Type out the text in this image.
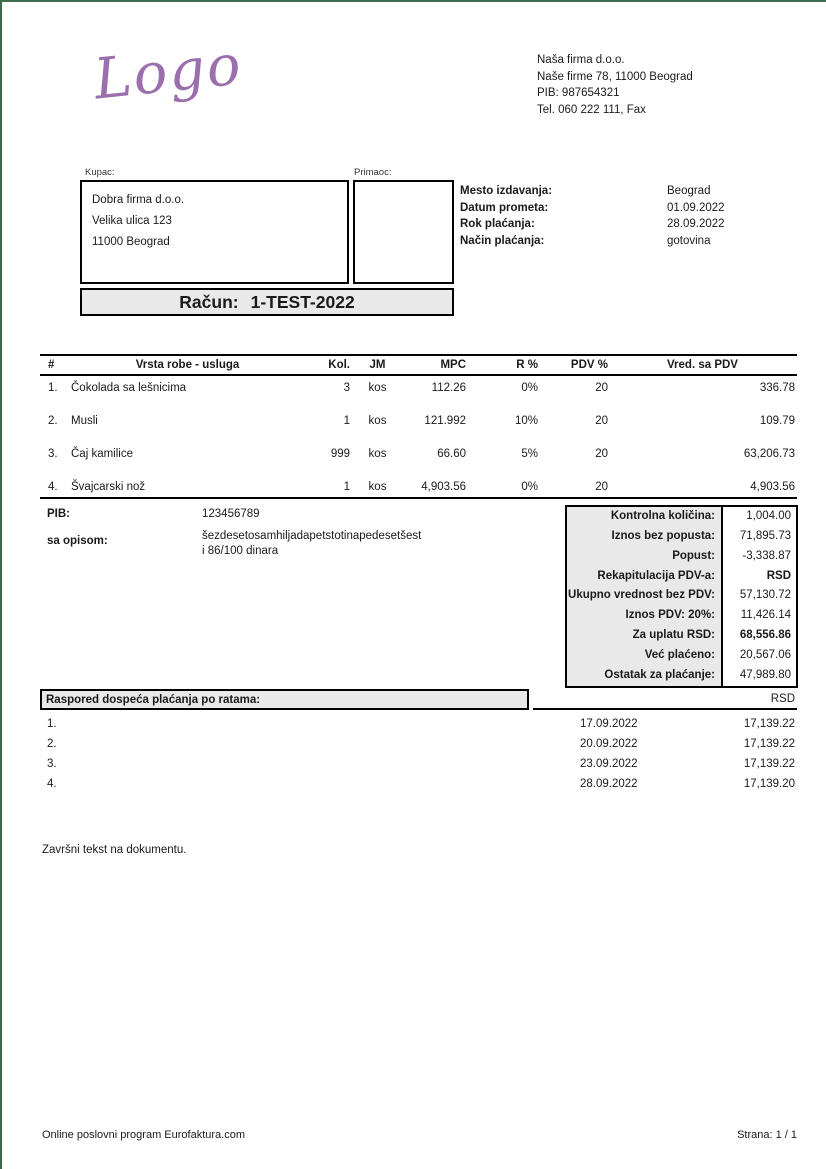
Logo	Naša firma d.o.o.
Naše firme 78, 11000 Beograd
PIB: 987654321
Tel. 060 222 111, Fax
Kupac:	Primaoc:
Dobra firma d.o.o.
Velika ulica 123
11000 Beograd
Mesto izdavanja:	Beograd
Datum prometa:	01.09.2022
Rok plaćanja:	28.09.2022
Način plaćanja:	gotovina
Račun: 1-TEST-2022
#	Vrsta robe - usluga	Kol.	JM	MPC	R %	PDV %	Vred. sa PDV
1.	Čokolada sa lešnicima	3	kos	112.26	0%	20	336.78
2.	Musli	1	kos	121.992	10%	20	109.79
3.	Čaj kamilice	999	kos	66.60	5%	20	63,206.73
4.	Švajcarski nož	1	kos	4,903.56	0%	20	4,903.56
PIB:	123456789
sa opisom:	šezdesetosamhiljadapetstotinapedesetšest
i 86/100 dinara
Kontrolna količina:	1,004.00
Iznos bez popusta:	71,895.73
Popust:	-3,338.87
Rekapitulacija PDV-a:	RSD
Ukupno vrednost bez PDV:	57,130.72
Iznos PDV: 20%:	11,426.14
Za uplatu RSD:	68,556.86
Već plaćeno:	20,567.06
Ostatak za plaćanje:	47,989.80
Raspored dospeća plaćanja po ratama:	RSD
1.	17.09.2022	17,139.22
2.	20.09.2022	17,139.22
3.	23.09.2022	17,139.22
4.	28.09.2022	17,139.20
Završni tekst na dokumentu.
Online poslovni program Eurofaktura.com	Strana: 1 / 1
